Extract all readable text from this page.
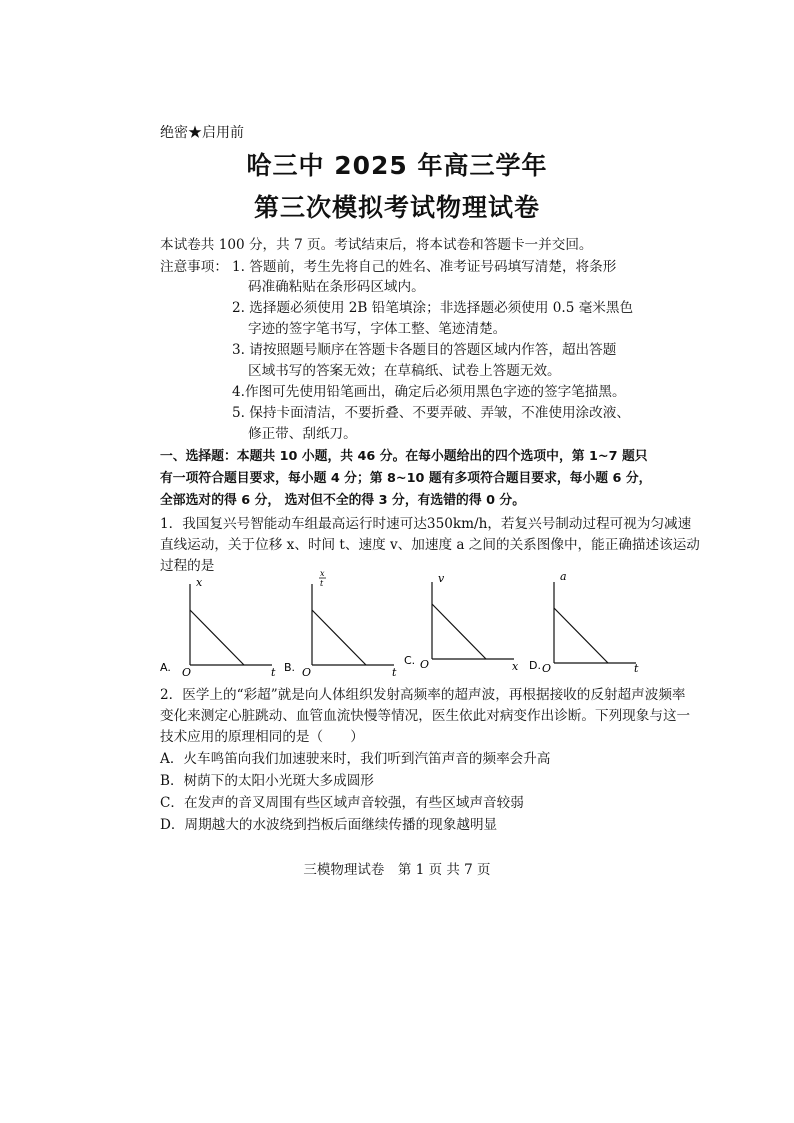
绝密★启用前
哈三中 2025 年高三学年
第三次模拟考试物理试卷
本试卷共 100 分，共 7 页。考试结束后，将本试卷和答题卡一并交回。
注意事项： 1. 答题前，考生先将自己的姓名、准考证号码填写清楚，将条形
码准确粘贴在条形码区域内。
2. 选择题必须使用 2B 铅笔填涂；非选择题必须使用 0.5 毫米黑色
字迹的签字笔书写，字体工整、笔迹清楚。
3. 请按照题号顺序在答题卡各题目的答题区域内作答，超出答题
区域书写的答案无效；在草稿纸、试卷上答题无效。
4.作图可先使用铅笔画出，确定后必须用黑色字迹的签字笔描黑。
5. 保持卡面清洁，不要折叠、不要弄破、弄皱，不准使用涂改液、
修正带、刮纸刀。
一、选择题：本题共 10 小题，共 46 分。在每小题给出的四个选项中，第 1~7 题只
有一项符合题目要求，每小题 4 分；第 8~10 题有多项符合题目要求，每小题 6 分，
全部选对的得 6 分， 选对但不全的得 3 分，有选错的得 0 分。
1．我国复兴号智能动车组最高运行时速可达350km/h，若复兴号制动过程可视为匀减速
直线运动，关于位移 x、时间 t、速度 v、加速度 a 之间的关系图像中，能正确描述该运动
过程的是
A.
x
O	t B.
x
t
O	t
C.
v
O	x D.
a
O	t
2．医学上的“彩超”就是向人体组织发射高频率的超声波，再根据接收的反射超声波频率
变化来测定心脏跳动、血管血流快慢等情况，医生依此对病变作出诊断。下列现象与这一
技术应用的原理相同的是（　　）
A．火车鸣笛向我们加速驶来时，我们听到汽笛声音的频率会升高
B．树荫下的太阳小光斑大多成圆形
C．在发声的音叉周围有些区域声音较强，有些区域声音较弱
D．周期越大的水波绕到挡板后面继续传播的现象越明显
三模物理试卷　第 1 页 共 7 页
